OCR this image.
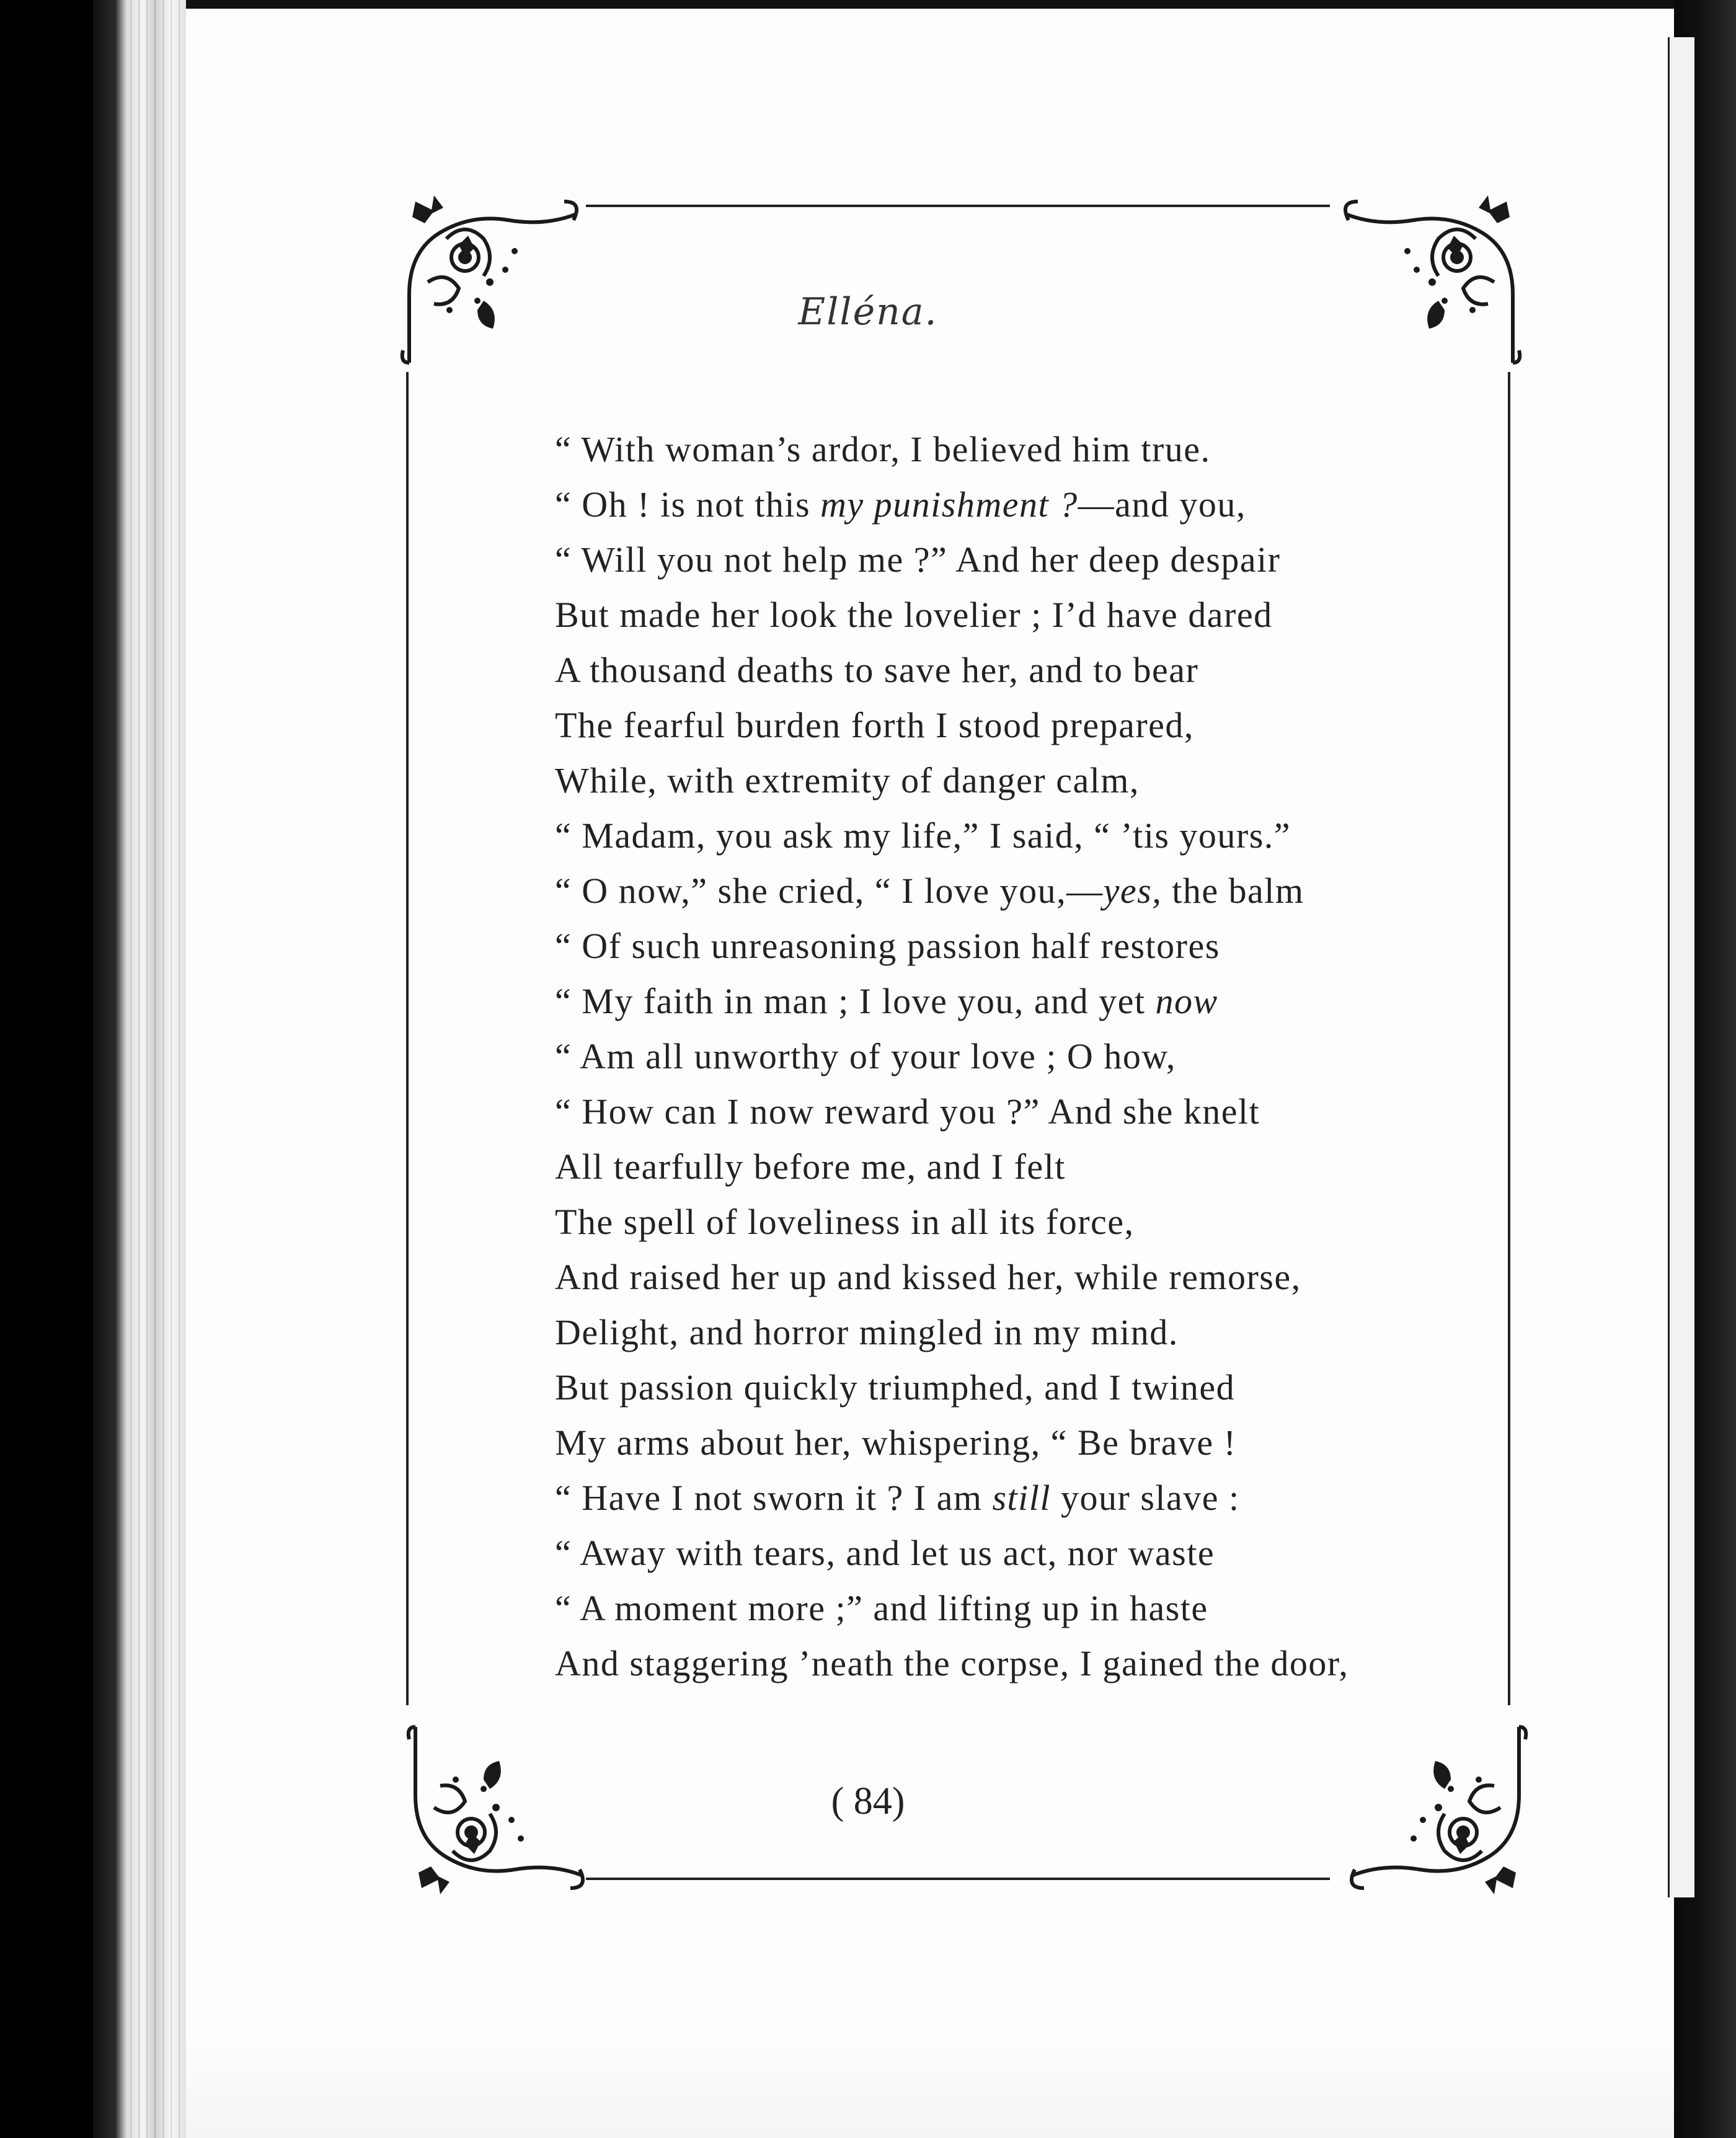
Elléna.
“ With woman’s ardor, I believed him true.
“ Oh ! is not this my punishment ?—and you,
“ Will you not help me ?” And her deep despair
But made her look the lovelier ; I’d have dared
A thousand deaths to save her, and to bear
The fearful burden forth I stood prepared,
While, with extremity of danger calm,
“ Madam, you ask my life,” I said, “ ’tis yours.”
“ O now,” she cried, “ I love you,—yes, the balm
“ Of such unreasoning passion half restores
“ My faith in man ; I love you, and yet now
“ Am all unworthy of your love ; O how,
“ How can I now reward you ?” And she knelt
All tearfully before me, and I felt
The spell of loveliness in all its force,
And raised her up and kissed her, while remorse,
Delight, and horror mingled in my mind.
But passion quickly triumphed, and I twined
My arms about her, whispering, “ Be brave !
“ Have I not sworn it ? I am still your slave :
“ Away with tears, and let us act, nor waste
“ A moment more ;” and lifting up in haste
And staggering ’neath the corpse, I gained the door,
( 84)
